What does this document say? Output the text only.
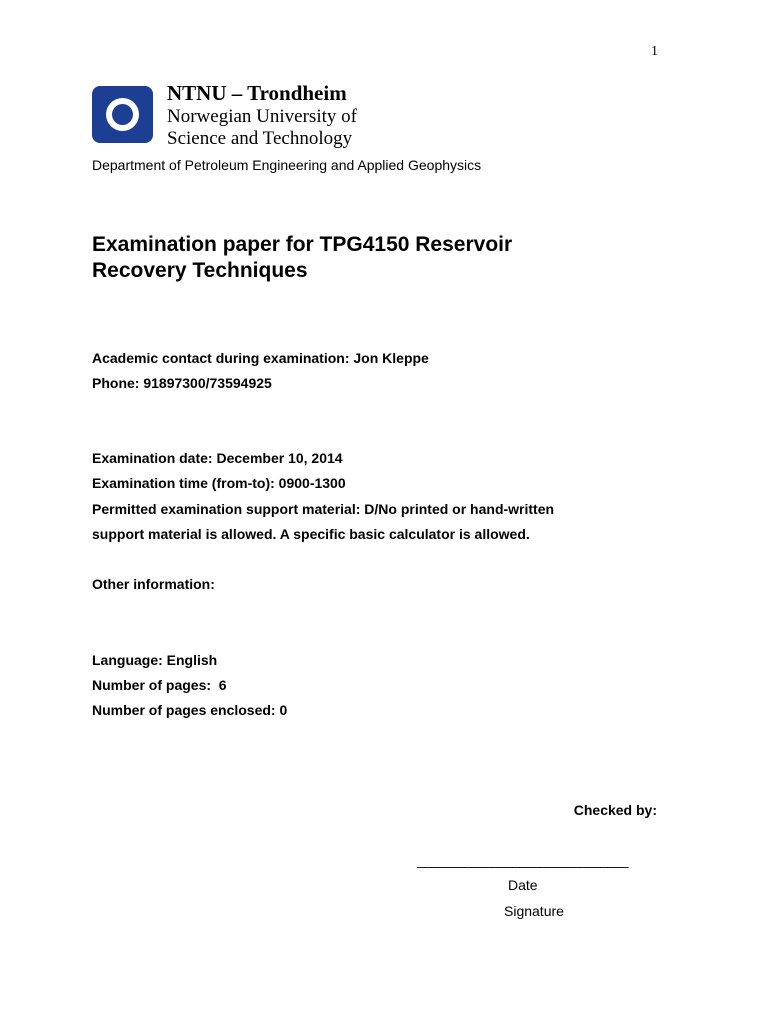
1
NTNU – Trondheim
Norwegian University of
Science and Technology
Department of Petroleum Engineering and Applied Geophysics
Examination paper for TPG4150 Reservoir
Recovery Techniques
Academic contact during examination: Jon Kleppe
Phone: 91897300/73594925
Examination date: December 10, 2014
Examination time (from-to): 0900-1300
Permitted examination support material: D/No printed or hand-written
support material is allowed. A specific basic calculator is allowed.
Other information:
Language: English
Number of pages:  6
Number of pages enclosed: 0
Checked by:
_______________________________
Date
Signature
